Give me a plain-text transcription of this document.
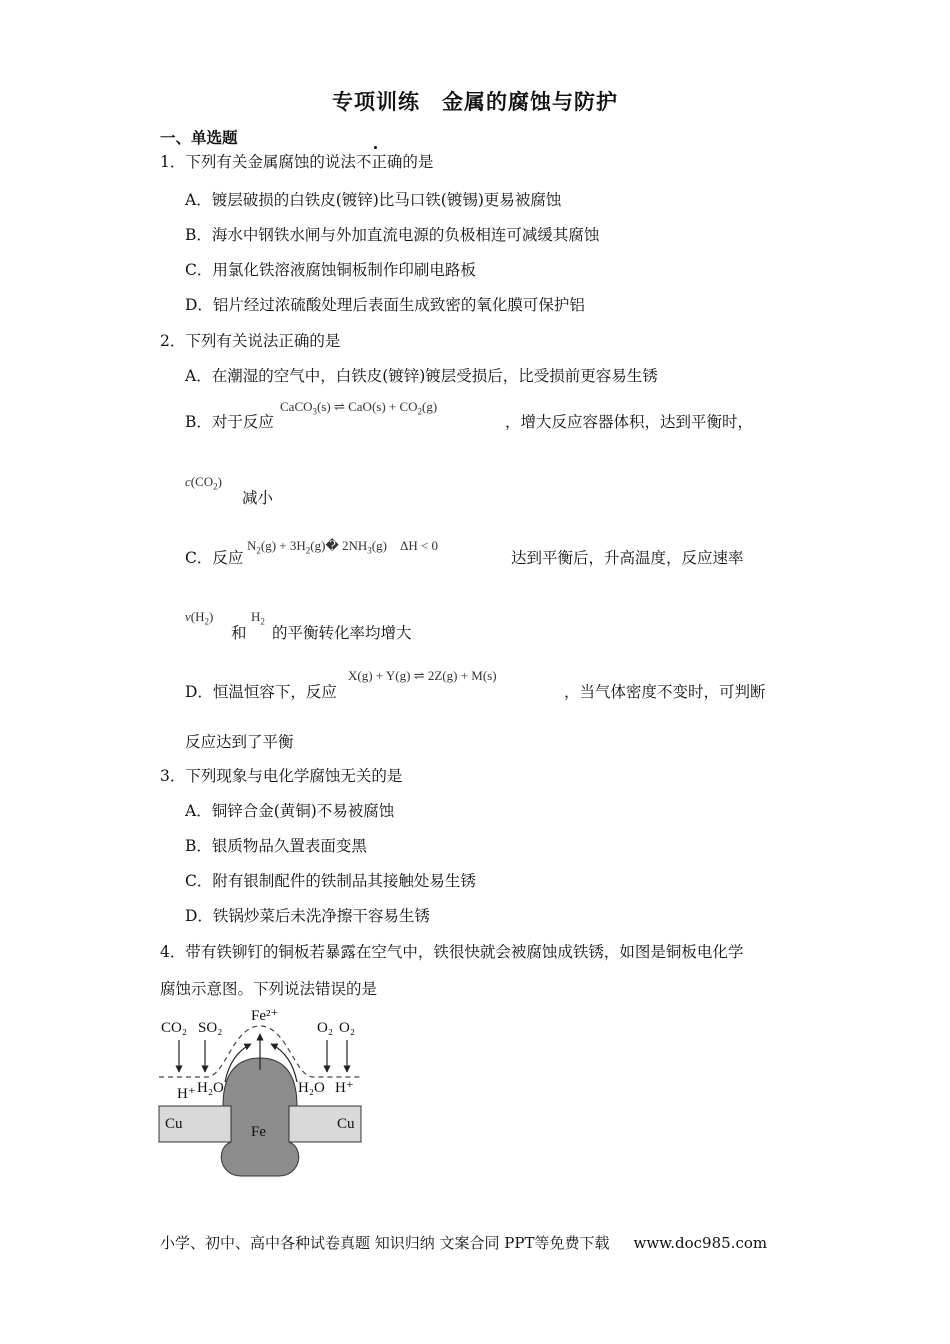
专项训练　金属的腐蚀与防护
一、单选题
1．下列有关金属腐蚀的说法不正确的是
A．镀层破损的白铁皮(镀锌)比马口铁(镀锡)更易被腐蚀
B．海水中钢铁水闸与外加直流电源的负极相连可减缓其腐蚀
C．用氯化铁溶液腐蚀铜板制作印刷电路板
D．铝片经过浓硫酸处理后表面生成致密的氧化膜可保护铝
2．下列有关说法正确的是
A．在潮湿的空气中，白铁皮(镀锌)镀层受损后，比受损前更容易生锈
B．对于反应
CaCO$_3$(s) ⇌ $CaO(s) + CO_2(g)$
，增大反应容器体积，达到平衡时，
$c(CO_2)$
减小
C．反应
$N_2(g)$ + $3H_2(g)�$ $2NH_3(g)$　ΔH < 0
达到平衡后，升高温度，反应速率
$v(H_2)$
和
$H_2$
的平衡转化率均增大
D．恒温恒容下，反应
X(g) + Y(g) ⇌ 2Z(g) + M(s)
，当气体密度不变时，可判断
反应达到了平衡
3．下列现象与电化学腐蚀无关的是
A．铜锌合金(黄铜)不易被腐蚀
B．银质物品久置表面变黑
C．附有银制配件的铁制品其接触处易生锈
D．铁锅炒菜后未洗净擦干容易生锈
4．带有铁铆钉的铜板若暴露在空气中，铁很快就会被腐蚀成铁锈，如图是铜板电化学
腐蚀示意图。下列说法错误的是
CO₂ SO₂
Fe²⁺
O₂ O₂
H⁺ H₂O	H₂O H⁺
Cu	Fe	Cu
小学、初中、高中各种试卷真题 知识归纳 文案合同 PPT等免费下载 www.doc985.com
